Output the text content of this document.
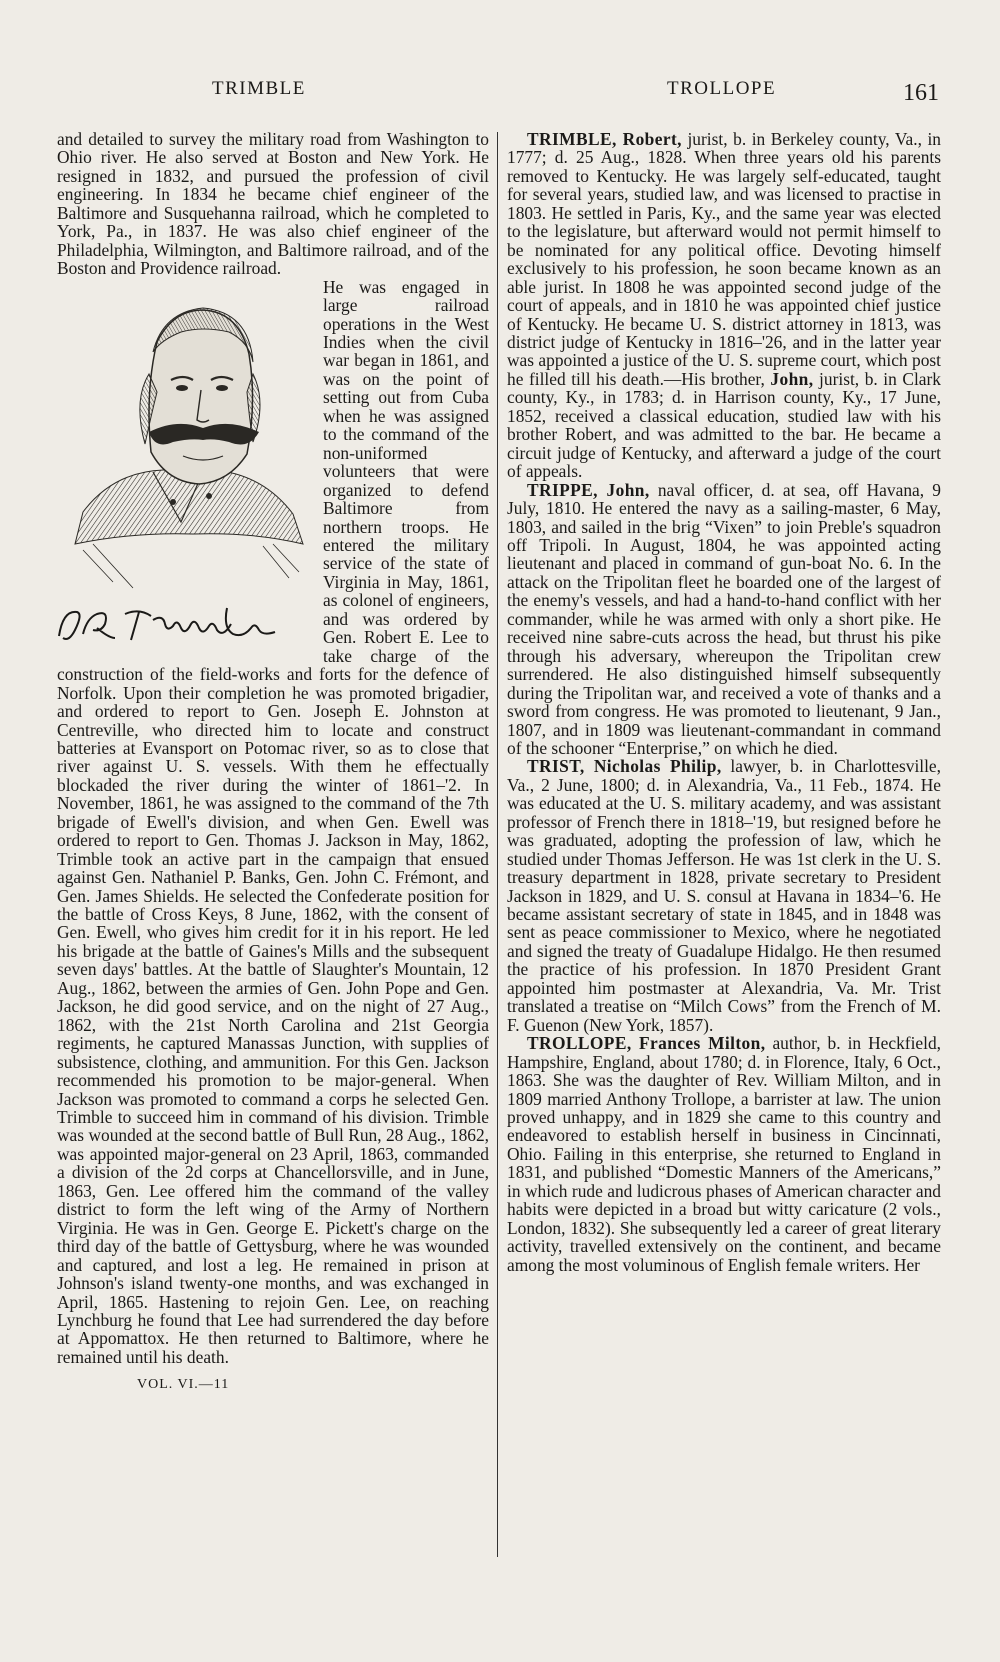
TRIMBLE	TROLLOPE	161

and detailed to survey the military road from Washington to Ohio river. He also served at Boston and New York. He resigned in 1832, and pursued the profession of civil engineering. In 1834 he became chief engineer of the Baltimore and Susquehanna railroad, which he completed to York, Pa., in 1837. He was also chief engineer of the Philadelphia, Wilmington, and Baltimore railroad, and of the Boston and Providence railroad.

He was engaged in large railroad operations in the West Indies when the civil war began in 1861, and was on the point of setting out from Cuba when he was assigned to the command of the non-uniformed volunteers that were organized to defend Baltimore from northern troops. He entered the military service of the state of Virginia in May, 1861, as colonel of engineers, and was ordered by Gen. Robert E. Lee to take charge of the construction of the field-works and forts for the defence of Norfolk. Upon their completion he was promoted brigadier, and ordered to report to Gen. Joseph E. Johnston at Centreville, who directed him to locate and construct batteries at Evansport on Potomac river, so as to close that river against U. S. vessels. With them he effectually blockaded the river during the winter of 1861–'2. In November, 1861, he was assigned to the command of the 7th brigade of Ewell's division, and when Gen. Ewell was ordered to report to Gen. Thomas J. Jackson in May, 1862, Trimble took an active part in the campaign that ensued against Gen. Nathaniel P. Banks, Gen. John C. Frémont, and Gen. James Shields. He selected the Confederate position for the battle of Cross Keys, 8 June, 1862, with the consent of Gen. Ewell, who gives him credit for it in his report. He led his brigade at the battle of Gaines's Mills and the subsequent seven days' battles. At the battle of Slaughter's Mountain, 12 Aug., 1862, between the armies of Gen. John Pope and Gen. Jackson, he did good service, and on the night of 27 Aug., 1862, with the 21st North Carolina and 21st Georgia regiments, he captured Manassas Junction, with supplies of subsistence, clothing, and ammunition. For this Gen. Jackson recommended his promotion to be major-general. When Jackson was promoted to command a corps he selected Gen. Trimble to succeed him in command of his division. Trimble was wounded at the second battle of Bull Run, 28 Aug., 1862, was appointed major-general on 23 April, 1863, commanded a division of the 2d corps at Chancellorsville, and in June, 1863, Gen. Lee offered him the command of the valley district to form the left wing of the Army of Northern Virginia. He was in Gen. George E. Pickett's charge on the third day of the battle of Gettysburg, where he was wounded and captured, and lost a leg. He remained in prison at Johnson's island twenty-one months, and was exchanged in April, 1865. Hastening to rejoin Gen. Lee, on reaching Lynchburg he found that Lee had surrendered the day before at Appomattox. He then returned to Baltimore, where he remained until his death.

VOL. VI.—11

TRIMBLE, Robert, jurist, b. in Berkeley county, Va., in 1777; d. 25 Aug., 1828. When three years old his parents removed to Kentucky. He was largely self-educated, taught for several years, studied law, and was licensed to practise in 1803. He settled in Paris, Ky., and the same year was elected to the legislature, but afterward would not permit himself to be nominated for any political office. Devoting himself exclusively to his profession, he soon became known as an able jurist. In 1808 he was appointed second judge of the court of appeals, and in 1810 he was appointed chief justice of Kentucky. He became U. S. district attorney in 1813, was district judge of Kentucky in 1816–'26, and in the latter year was appointed a justice of the U. S. supreme court, which post he filled till his death.—His brother, John, jurist, b. in Clark county, Ky., in 1783; d. in Harrison county, Ky., 17 June, 1852, received a classical education, studied law with his brother Robert, and was admitted to the bar. He became a circuit judge of Kentucky, and afterward a judge of the court of appeals.

TRIPPE, John, naval officer, d. at sea, off Havana, 9 July, 1810. He entered the navy as a sailing-master, 6 May, 1803, and sailed in the brig “Vixen” to join Preble's squadron off Tripoli. In August, 1804, he was appointed acting lieutenant and placed in command of gun-boat No. 6. In the attack on the Tripolitan fleet he boarded one of the largest of the enemy's vessels, and had a hand-to-hand conflict with her commander, while he was armed with only a short pike. He received nine sabre-cuts across the head, but thrust his pike through his adversary, whereupon the Tripolitan crew surrendered. He also distinguished himself subsequently during the Tripolitan war, and received a vote of thanks and a sword from congress. He was promoted to lieutenant, 9 Jan., 1807, and in 1809 was lieutenant-commandant in command of the schooner “Enterprise,” on which he died.

TRIST, Nicholas Philip, lawyer, b. in Charlottesville, Va., 2 June, 1800; d. in Alexandria, Va., 11 Feb., 1874. He was educated at the U. S. military academy, and was assistant professor of French there in 1818–'19, but resigned before he was graduated, adopting the profession of law, which he studied under Thomas Jefferson. He was 1st clerk in the U. S. treasury department in 1828, private secretary to President Jackson in 1829, and U. S. consul at Havana in 1834–'6. He became assistant secretary of state in 1845, and in 1848 was sent as peace commissioner to Mexico, where he negotiated and signed the treaty of Guadalupe Hidalgo. He then resumed the practice of his profession. In 1870 President Grant appointed him postmaster at Alexandria, Va. Mr. Trist translated a treatise on “Milch Cows” from the French of M. F. Guenon (New York, 1857).

TROLLOPE, Frances Milton, author, b. in Heckfield, Hampshire, England, about 1780; d. in Florence, Italy, 6 Oct., 1863. She was the daughter of Rev. William Milton, and in 1809 married Anthony Trollope, a barrister at law. The union proved unhappy, and in 1829 she came to this country and endeavored to establish herself in business in Cincinnati, Ohio. Failing in this enterprise, she returned to England in 1831, and published “Domestic Manners of the Americans,” in which rude and ludicrous phases of American character and habits were depicted in a broad but witty caricature (2 vols., London, 1832). She subsequently led a career of great literary activity, travelled extensively on the continent, and became among the most voluminous of English female writers. Her
